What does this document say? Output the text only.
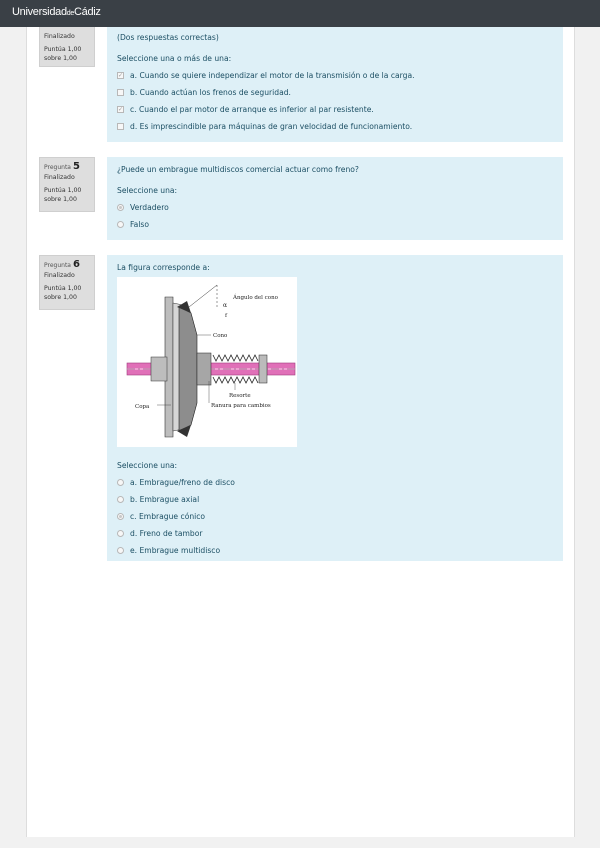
UniversidaddeCádiz
Finalizado
Puntúa 1,00
sobre 1,00
(Dos respuestas correctas)
Seleccione una o más de una:
✓ a. Cuando se quiere independizar el motor de la transmisión o de la carga.
b. Cuando actúan los frenos de seguridad.
✓ c. Cuando el par motor de arranque es inferior al par resistente.
d. Es imprescindible para máquinas de gran velocidad de funcionamiento.
Pregunta 5
Finalizado
Puntúa 1,00
sobre 1,00
¿Puede un embrague multidiscos comercial actuar como freno?
Seleccione una:
Verdadero
Falso
Pregunta 6
Finalizado
Puntúa 1,00
sobre 1,00
La figura corresponde a:
Ángulo del cono
α
f
Cono
Resorte
Ranura para cambios
Copa
Seleccione una:
a. Embrague/freno de disco
b. Embrague axial
c. Embrague cónico
d. Freno de tambor
e. Embrague multidisco
